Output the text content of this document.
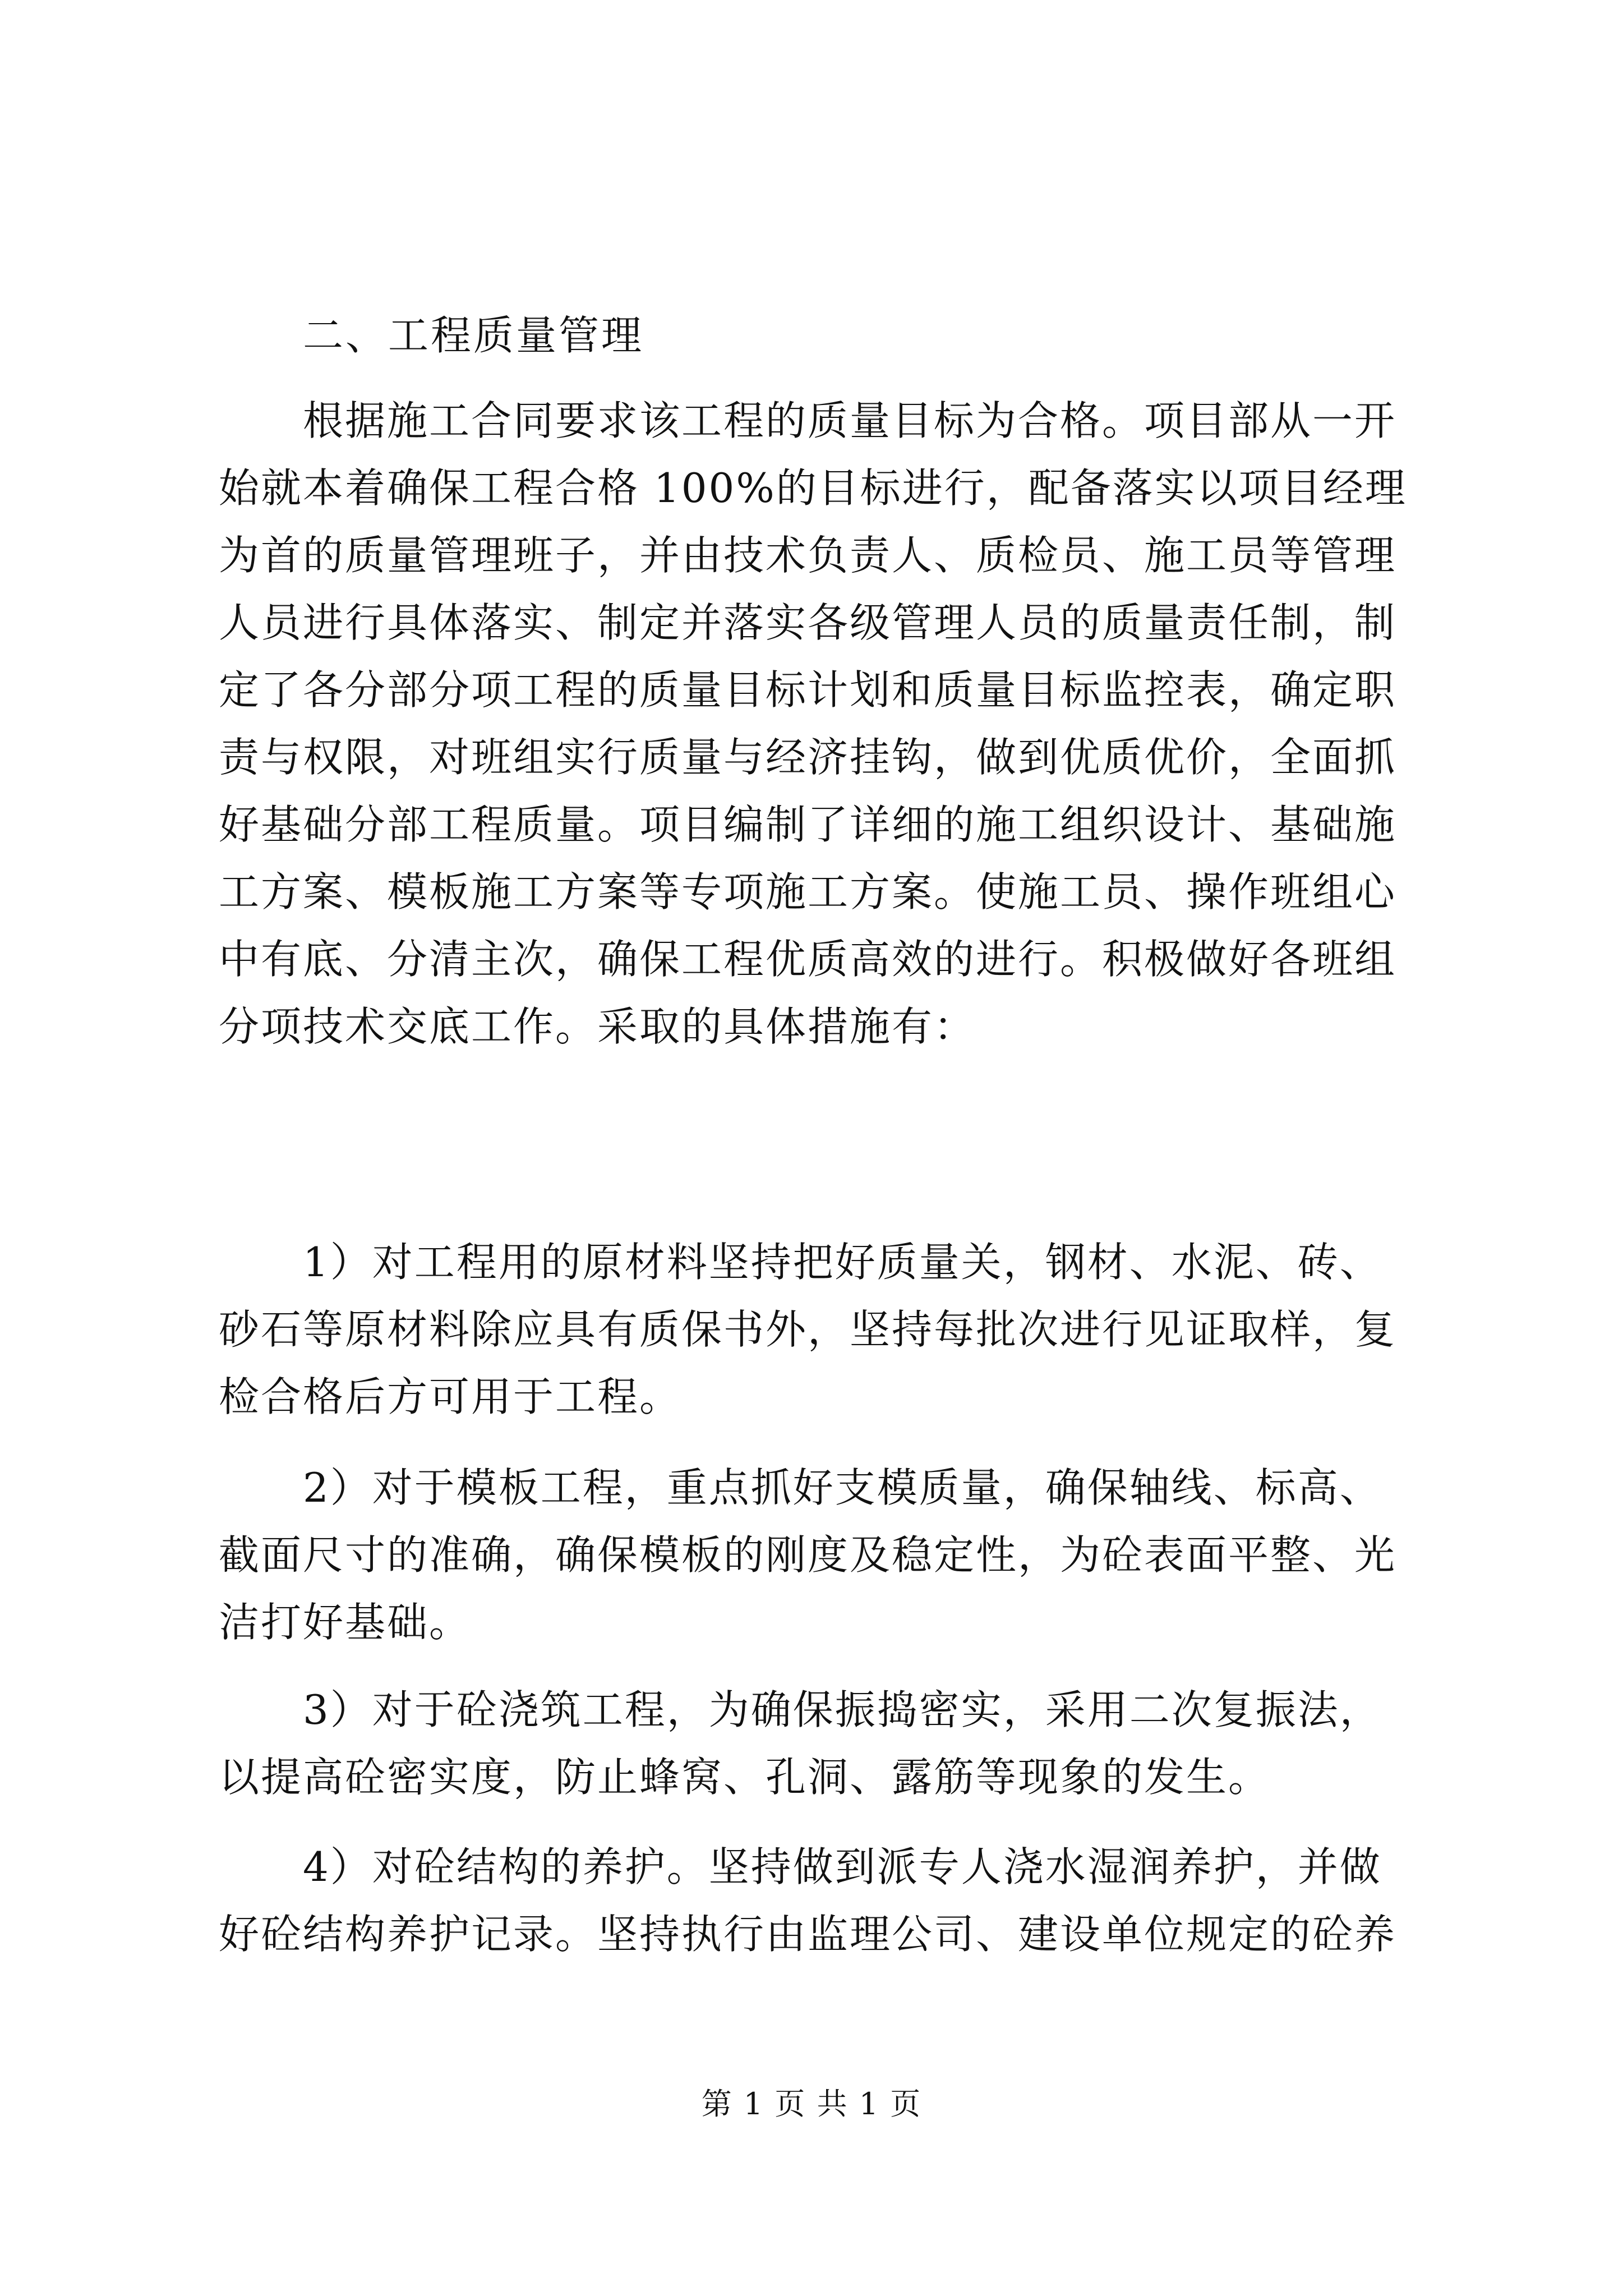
二、工程质量管理
根据施工合同要求该工程的质量目标为合格。项目部从一开
始就本着确保工程合格 100%的目标进行，配备落实以项目经理
为首的质量管理班子，并由技术负责人、质检员、施工员等管理
人员进行具体落实、制定并落实各级管理人员的质量责任制，制
定了各分部分项工程的质量目标计划和质量目标监控表，确定职
责与权限，对班组实行质量与经济挂钩，做到优质优价，全面抓
好基础分部工程质量。项目编制了详细的施工组织设计、基础施
工方案、模板施工方案等专项施工方案。使施工员、操作班组心
中有底、分清主次，确保工程优质高效的进行。积极做好各班组
分项技术交底工作。采取的具体措施有：
1）对工程用的原材料坚持把好质量关，钢材、水泥、砖、
砂石等原材料除应具有质保书外，坚持每批次进行见证取样，复
检合格后方可用于工程。
2）对于模板工程，重点抓好支模质量，确保轴线、标高、
截面尺寸的准确，确保模板的刚度及稳定性，为砼表面平整、光
洁打好基础。
3）对于砼浇筑工程，为确保振捣密实，采用二次复振法，
以提高砼密实度，防止蜂窝、孔洞、露筋等现象的发生。
4）对砼结构的养护。坚持做到派专人浇水湿润养护，并做
好砼结构养护记录。坚持执行由监理公司、建设单位规定的砼养
第 1 页 共 1 页
